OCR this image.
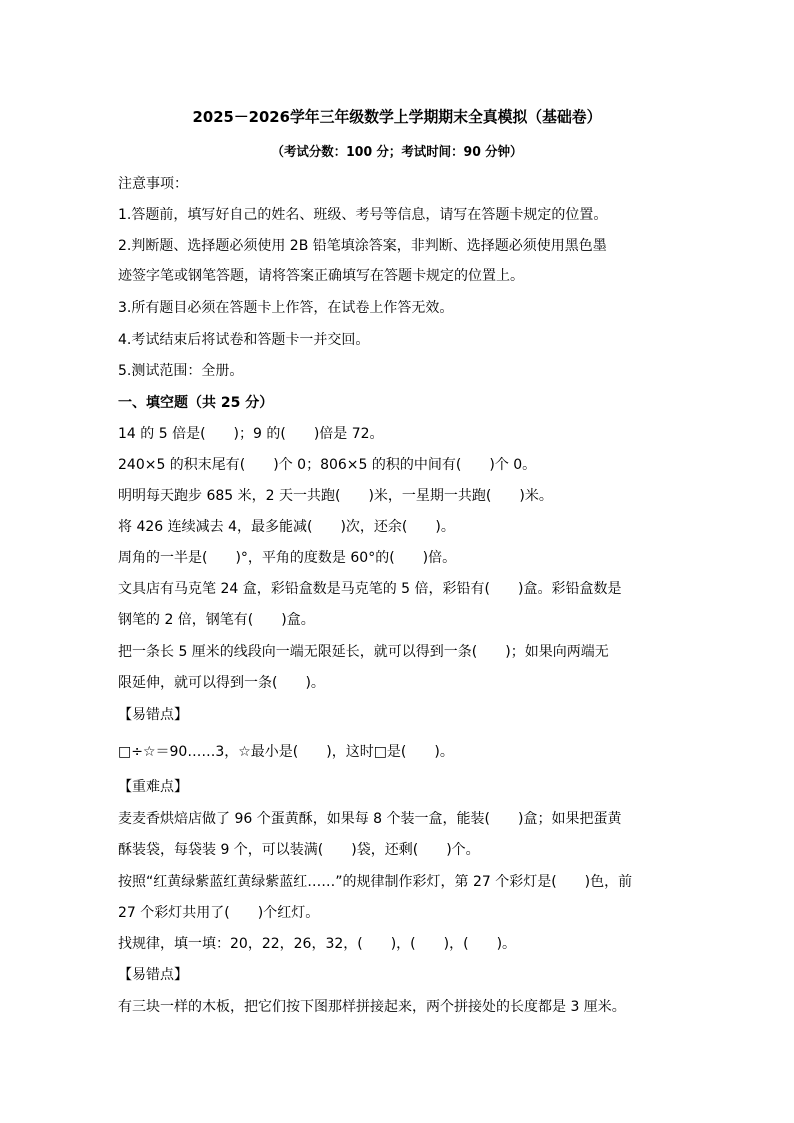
2025－2026学年三年级数学上学期期末全真模拟（基础卷）
（考试分数：100 分；考试时间：90 分钟）
注意事项：
1.答题前，填写好自己的姓名、班级、考号等信息，请写在答题卡规定的位置。
2.判断题、选择题必须使用 2B 铅笔填涂答案，非判断、选择题必须使用黑色墨
迹签字笔或钢笔答题，请将答案正确填写在答题卡规定的位置上。
3.所有题目必须在答题卡上作答，在试卷上作答无效。
4.考试结束后将试卷和答题卡一并交回。
5.测试范围：全册。
一、填空题（共 25 分）
14 的 5 倍是(　　)；9 的(　　)倍是 72。
240×5 的积末尾有(　　)个 0；806×5 的积的中间有(　　)个 0。
明明每天跑步 685 米，2 天一共跑(　　)米，一星期一共跑(　　)米。
将 426 连续减去 4，最多能减(　　)次，还余(　　)。
周角的一半是(　　)°，平角的度数是 60°的(　　)倍。
文具店有马克笔 24 盒，彩铅盒数是马克笔的 5 倍，彩铅有(　　)盒。彩铅盒数是
钢笔的 2 倍，钢笔有(　　)盒。
把一条长 5 厘米的线段向一端无限延长，就可以得到一条(　　)；如果向两端无
限延伸，就可以得到一条(　　)。
【易错点】
□÷☆＝90……3，☆最小是(　　)，这时□是(　　)。
【重难点】
麦麦香烘焙店做了 96 个蛋黄酥，如果每 8 个装一盒，能装(　　)盒；如果把蛋黄
酥装袋，每袋装 9 个，可以装满(　　)袋，还剩(　　)个。
按照“红黄绿紫蓝红黄绿紫蓝红……”的规律制作彩灯，第 27 个彩灯是(　　)色，前
27 个彩灯共用了(　　)个红灯。
找规律，填一填：20，22，26，32，(　　)，(　　)，(　　)。
【易错点】
有三块一样的木板，把它们按下图那样拼接起来，两个拼接处的长度都是 3 厘米。
